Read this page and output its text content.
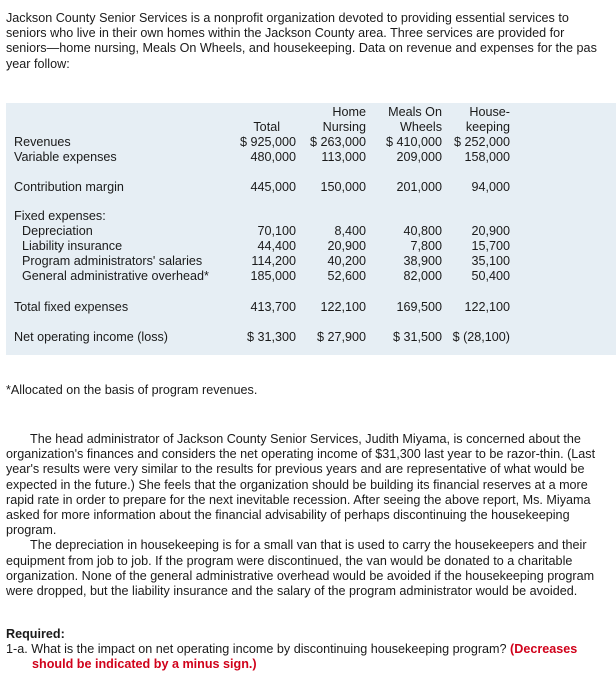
Jackson County Senior Services is a nonprofit organization devoted to providing essential services to
seniors who live in their own homes within the Jackson County area. Three services are provided for
seniors—home nursing, Meals On Wheels, and housekeeping. Data on revenue and expenses for the pas
year follow:
Home	Meals On	House-
Total	Nursing	Wheels	keeping
Revenues	$ 925,000	$ 263,000	$ 410,000 $ 252,000
Variable expenses	480,000	113,000	209,000	158,000
Contribution margin	445,000	150,000	201,000	94,000
Fixed expenses:
Depreciation	70,100	8,400	40,800	20,900
Liability insurance	44,400	20,900	7,800	15,700
Program administrators' salaries	114,200	40,200	38,900	35,100
General administrative overhead*	185,000	52,600	82,000	50,400
Total fixed expenses	413,700	122,100	169,500	122,100
Net operating income (loss)	$ 31,300	$ 27,900	$ 31,500 $ (28,100)
*Allocated on the basis of program revenues.
The head administrator of Jackson County Senior Services, Judith Miyama, is concerned about the
organization's finances and considers the net operating income of $31,300 last year to be razor-thin. (Last
year's results were very similar to the results for previous years and are representative of what would be
expected in the future.) She feels that the organization should be building its financial reserves at a more
rapid rate in order to prepare for the next inevitable recession. After seeing the above report, Ms. Miyama
asked for more information about the financial advisability of perhaps discontinuing the housekeeping
program.
The depreciation in housekeeping is for a small van that is used to carry the housekeepers and their
equipment from job to job. If the program were discontinued, the van would be donated to a charitable
organization. None of the general administrative overhead would be avoided if the housekeeping program
were dropped, but the liability insurance and the salary of the program administrator would be avoided.
Required:
1-a. What is the impact on net operating income by discontinuing housekeeping program? (Decreases
should be indicated by a minus sign.)
